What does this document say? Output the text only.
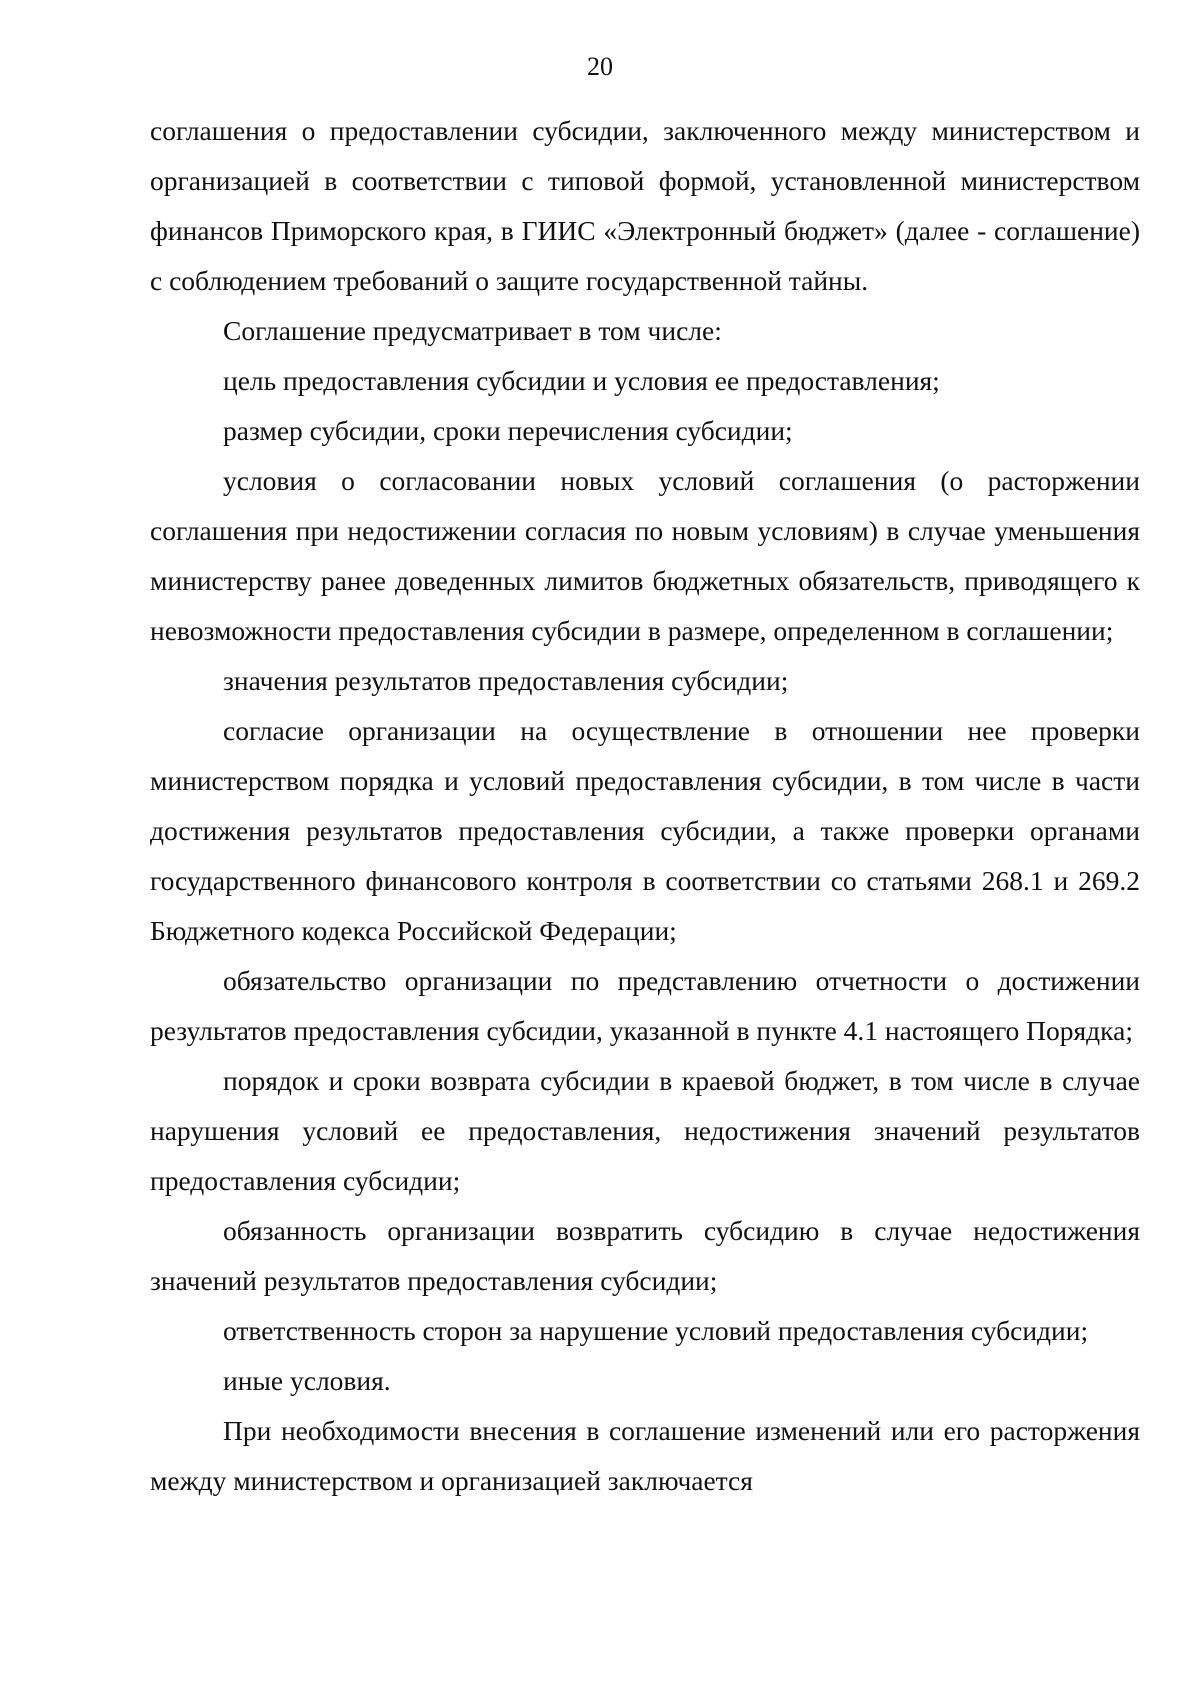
20

соглашения о предоставлении субсидии, заключенного между министерством и организацией в соответствии с типовой формой, установленной министерством финансов Приморского края, в ГИИС «Электронный бюджет» (далее - соглашение) с соблюдением требований о защите государственной тайны.

Соглашение предусматривает в том числе:

цель предоставления субсидии и условия ее предоставления;

размер субсидии, сроки перечисления субсидии;

условия о согласовании новых условий соглашения (о расторжении соглашения при недостижении согласия по новым условиям) в случае уменьшения министерству ранее доведенных лимитов бюджетных обязательств, приводящего к невозможности предоставления субсидии в размере, определенном в соглашении;

значения результатов предоставления субсидии;

согласие организации на осуществление в отношении нее проверки министерством порядка и условий предоставления субсидии, в том числе в части достижения результатов предоставления субсидии, а также проверки органами государственного финансового контроля в соответствии со статьями 268.1 и 269.2 Бюджетного кодекса Российской Федерации;

обязательство организации по представлению отчетности о достижении результатов предоставления субсидии, указанной в пункте 4.1 настоящего Порядка;

порядок и сроки возврата субсидии в краевой бюджет, в том числе в случае нарушения условий ее предоставления, недостижения значений результатов предоставления субсидии;

обязанность организации возвратить субсидию в случае недостижения значений результатов предоставления субсидии;

ответственность сторон за нарушение условий предоставления субсидии;

иные условия.

При необходимости внесения в соглашение изменений или его расторжения между министерством и организацией заключается
